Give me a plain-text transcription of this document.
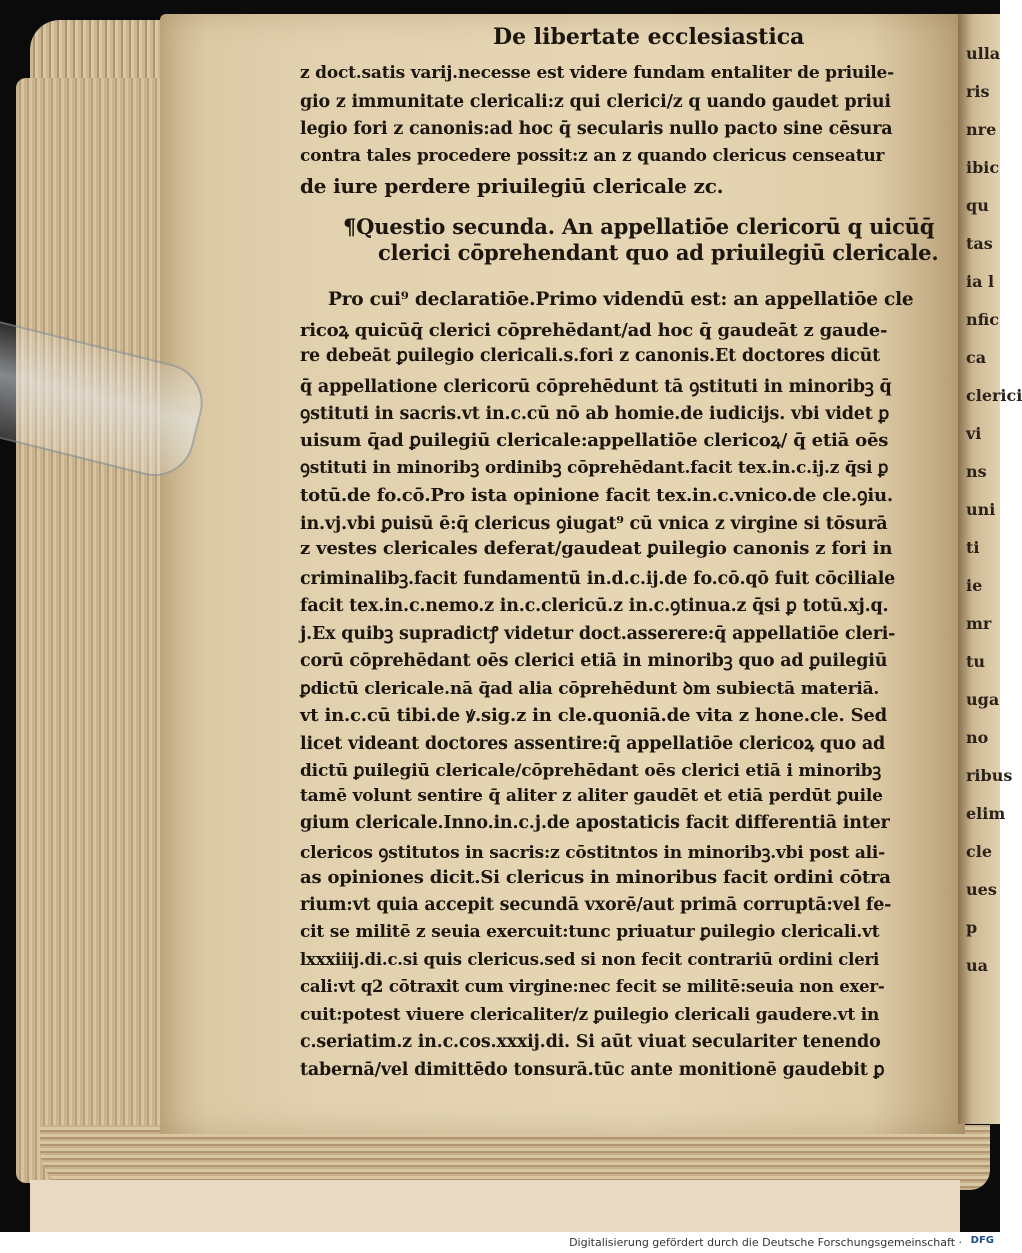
ulla
ris
nre
ibic
qu
tas
ia l
nfic
ca
clerici
vi
ns
uni
ti
ie
mr
tu
uga
no
ribus
elim
cle
ues
p
ua
De libertate ecclesiastica
z doct.satis varij.necesse est videre fundam entaliter de priuile-
gio z immunitate clericali:z qui clerici/z q uando gaudet priui
legio fori z canonis:ad hoc q̄ secularis nullo pacto sine cēsura
contra tales procedere possit:z an z quando clericus censeatur
de iure perdere priuilegiū clericale zc.
¶Questio secunda. An appellatiōe clericorū q uicūq̄
clerici cōprehendant quo ad priuilegiū clericale.
Pro cui⁹ declaratiōe.Primo videndū est: an appellatiōe cle
ricoꝝ quicūq̄ clerici cōprehēdant/ad hoc q̄ gaudeāt z gaude-
re debeāt ꝑuilegio clericali.s.fori z canonis.Et doctores dicūt
q̄ appellatione clericorū cōprehēdunt tā ꝯstituti in minoribꝫ q̄
ꝯstituti in sacris.vt in.c.cū nō ab homie.de iudicijs. vbi videt ꝑ
uisum q̄ad ꝑuilegiū clericale:appellatiōe clericoꝝ/ q̄ etiā oēs
ꝯstituti in minoribꝫ ordinibꝫ cōprehēdant.facit tex.in.c.ij.z q̄si ꝑ
totū.de fo.cō.Pro ista opinione facit tex.in.c.vnico.de cle.ꝯiu.
in.vj.vbi ꝑuisū ē:q̄ clericus ꝯiugat⁹ cū vnica z virgine si tōsurā
z vestes clericales deferat/gaudeat ꝑuilegio canonis z fori in
criminalibꝫ.facit fundamentū in.d.c.ij.de fo.cō.qō fuit cōciliale
facit tex.in.c.nemo.z in.c.clericū.z in.c.ꝯtinua.z q̄si ꝑ totū.xj.q.
j.Ex quibꝫ supradictꝭ videtur doct.asserere:q̄ appellatiōe cleri-
corū cōprehēdant oēs clerici etiā in minoribꝫ quo ad ꝑuilegiū
ꝑdictū clericale.nā q̄ad alia cōprehēdunt ꝺm subiectā materiā.
vt in.c.cū tibi.de ꝟ.sig.z in cle.quoniā.de vita z hone.cle. Sed
licet videant doctores assentire:q̄ appellatiōe clericoꝝ quo ad
dictū ꝑuilegiū clericale/cōprehēdant oēs clerici etiā i minoribꝫ
tamē volunt sentire q̄ aliter z aliter gaudēt et etiā perdūt ꝑuile
gium clericale.Inno.in.c.j.de apostaticis facit differentiā inter
clericos ꝯstitutos in sacris:z cōstitntos in minoribꝫ.vbi post ali-
as opiniones dicit.Si clericus in minoribus facit ordini cōtra
rium:vt quia accepit secundā vxorē/aut primā corruptā:vel fe-
cit se militē z seuia exercuit:tunc priuatur ꝑuilegio clericali.vt
lxxxiiij.di.c.si quis clericus.sed si non fecit contrariū ordini cleri
cali:vt q2 cōtraxit cum virgine:nec fecit se militē:seuia non exer-
cuit:potest viuere clericaliter/z ꝑuilegio clericali gaudere.vt in
c.seriatim.z in.c.cos.xxxij.di. Si aūt viuat seculariter tenendo
tabernā/vel dimittēdo tonsurā.tūc ante monitionē gaudebit ꝑ
Digitalisierung gefördert durch die Deutsche Forschungsgemeinschaft · DFG
